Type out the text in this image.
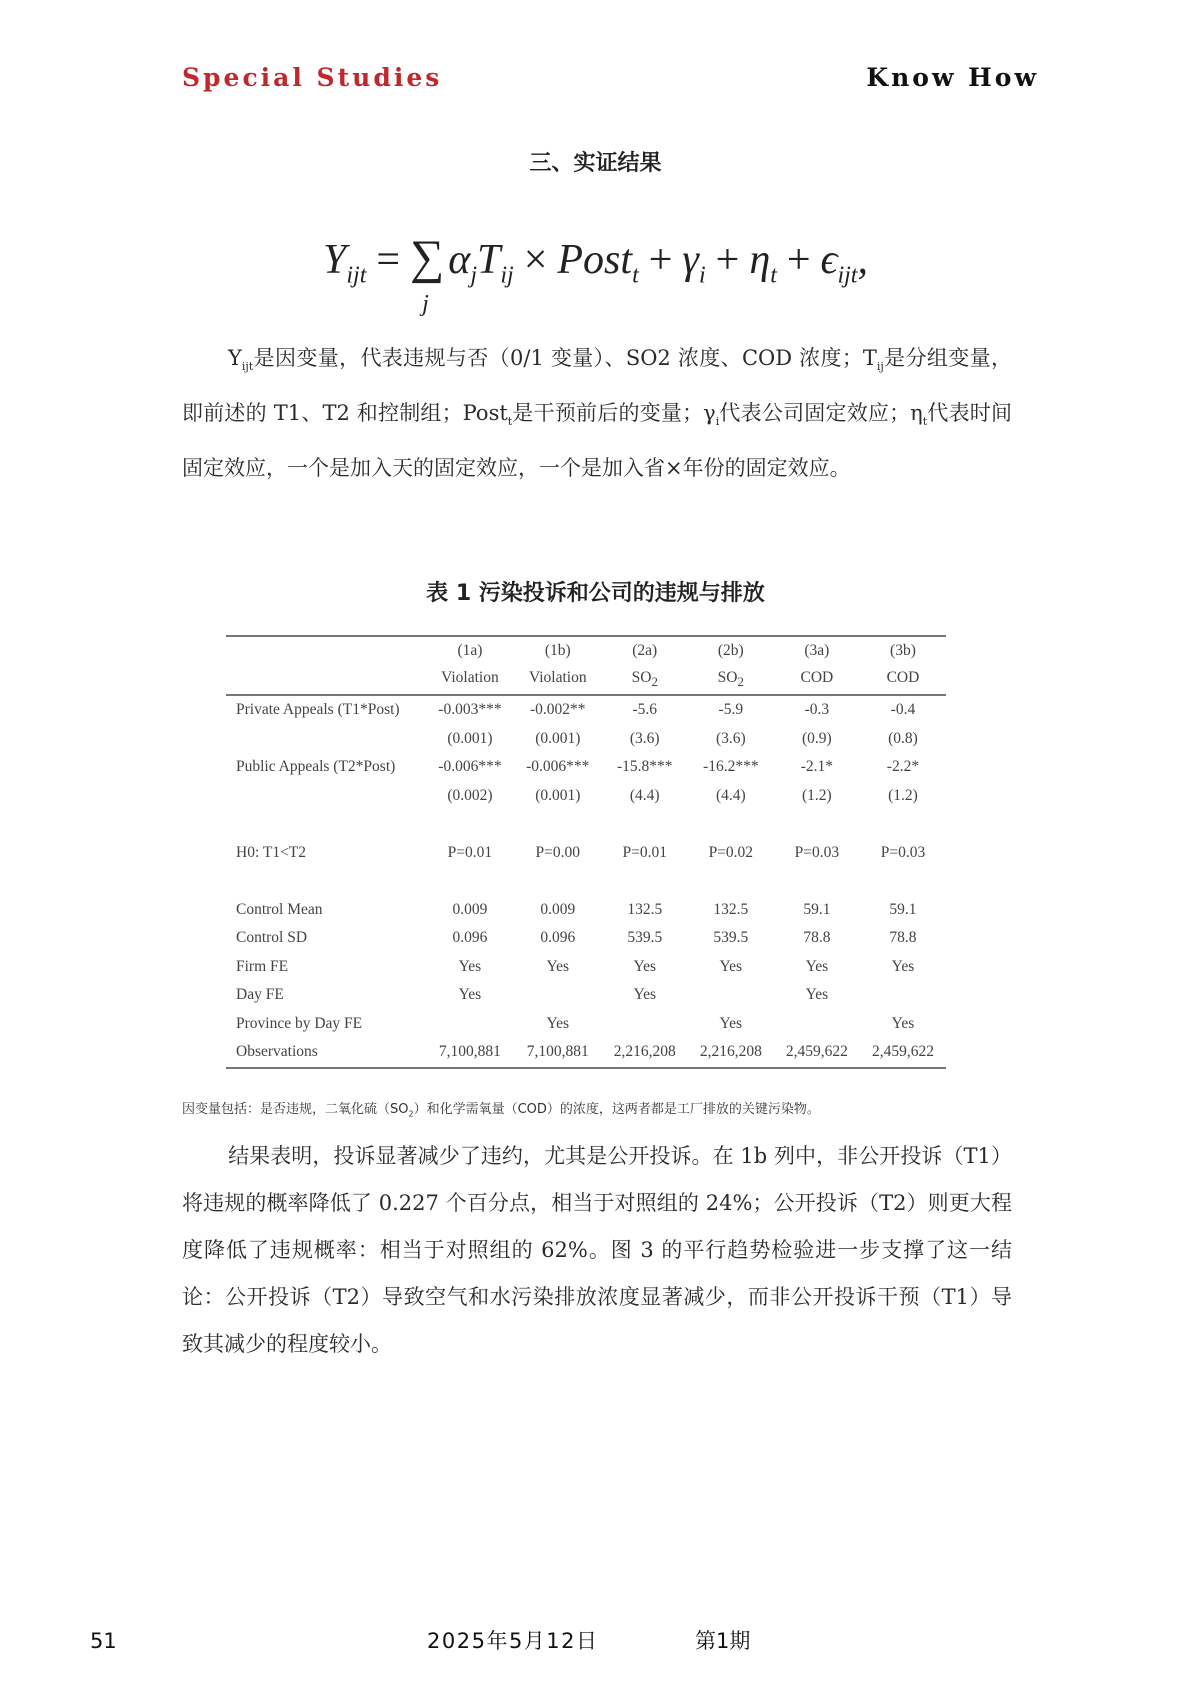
Special Studies	Know How
三、实证结果
$Y_{ijt}$ = ∑
j
$\alpha_jT_{ij}$ × Post$_t$ + $\gamma_i + \eta_t + \epsilon_{ijt}$,
$Y_{ijt}$是因变量，代表违规与否（0/1 变量）、SO2 浓度、COD 浓度；$T_{ij}$是分组变量，即前述的 T1、T2 和控制组；Post$_t$是干预前后的变量；$\gamma_i$代表公司固定效应；$\eta_t$代表时间固定效应，一个是加入天的固定效应，一个是加入省×年份的固定效应。
表 1 污染投诉和公司的违规与排放
	(1a)	(1b)	(2a)	(2b)	(3a)	(3b)
	Violation	Violation	$SO_2$	$SO_2$	COD	COD
Private Appeals (T1*Post)	-0.003***	-0.002**	-5.6	-5.9	-0.3	-0.4
	(0.001)	(0.001)	(3.6)	(3.6)	(0.9)	(0.8)
Public Appeals (T2*Post)	-0.006***	-0.006***	-15.8***	-16.2***	-2.1*	-2.2*
	(0.002)	(0.001)	(4.4)	(4.4)	(1.2)	(1.2)

H0: T1<T2	P=0.01	P=0.00	P=0.01	P=0.02	P=0.03	P=0.03

Control Mean	0.009	0.009	132.5	132.5	59.1	59.1
Control SD	0.096	0.096	539.5	539.5	78.8	78.8
Firm FE	Yes	Yes	Yes	Yes	Yes	Yes
Day FE	Yes		Yes		Yes	
Province by Day FE		Yes		Yes		Yes
Observations	7,100,881	7,100,881	2,216,208	2,216,208	2,459,622	2,459,622
因变量包括：是否违规，二氧化硫$(SO_2)$和化学需氧量（COD）的浓度，这两者都是工厂排放的关键污染物。
结果表明，投诉显著减少了违约，尤其是公开投诉。在 1b 列中，非公开投诉（T1）将违规的概率降低了 0.227 个百分点，相当于对照组的 24%；公开投诉（T2）则更大程度降低了违规概率：相当于对照组的 62%。图 3 的平行趋势检验进一步支撑了这一结论：公开投诉（T2）导致空气和水污染排放浓度显著减少，而非公开投诉干预（T1）导致其减少的程度较小。
51	2025年5月12日	第1期
